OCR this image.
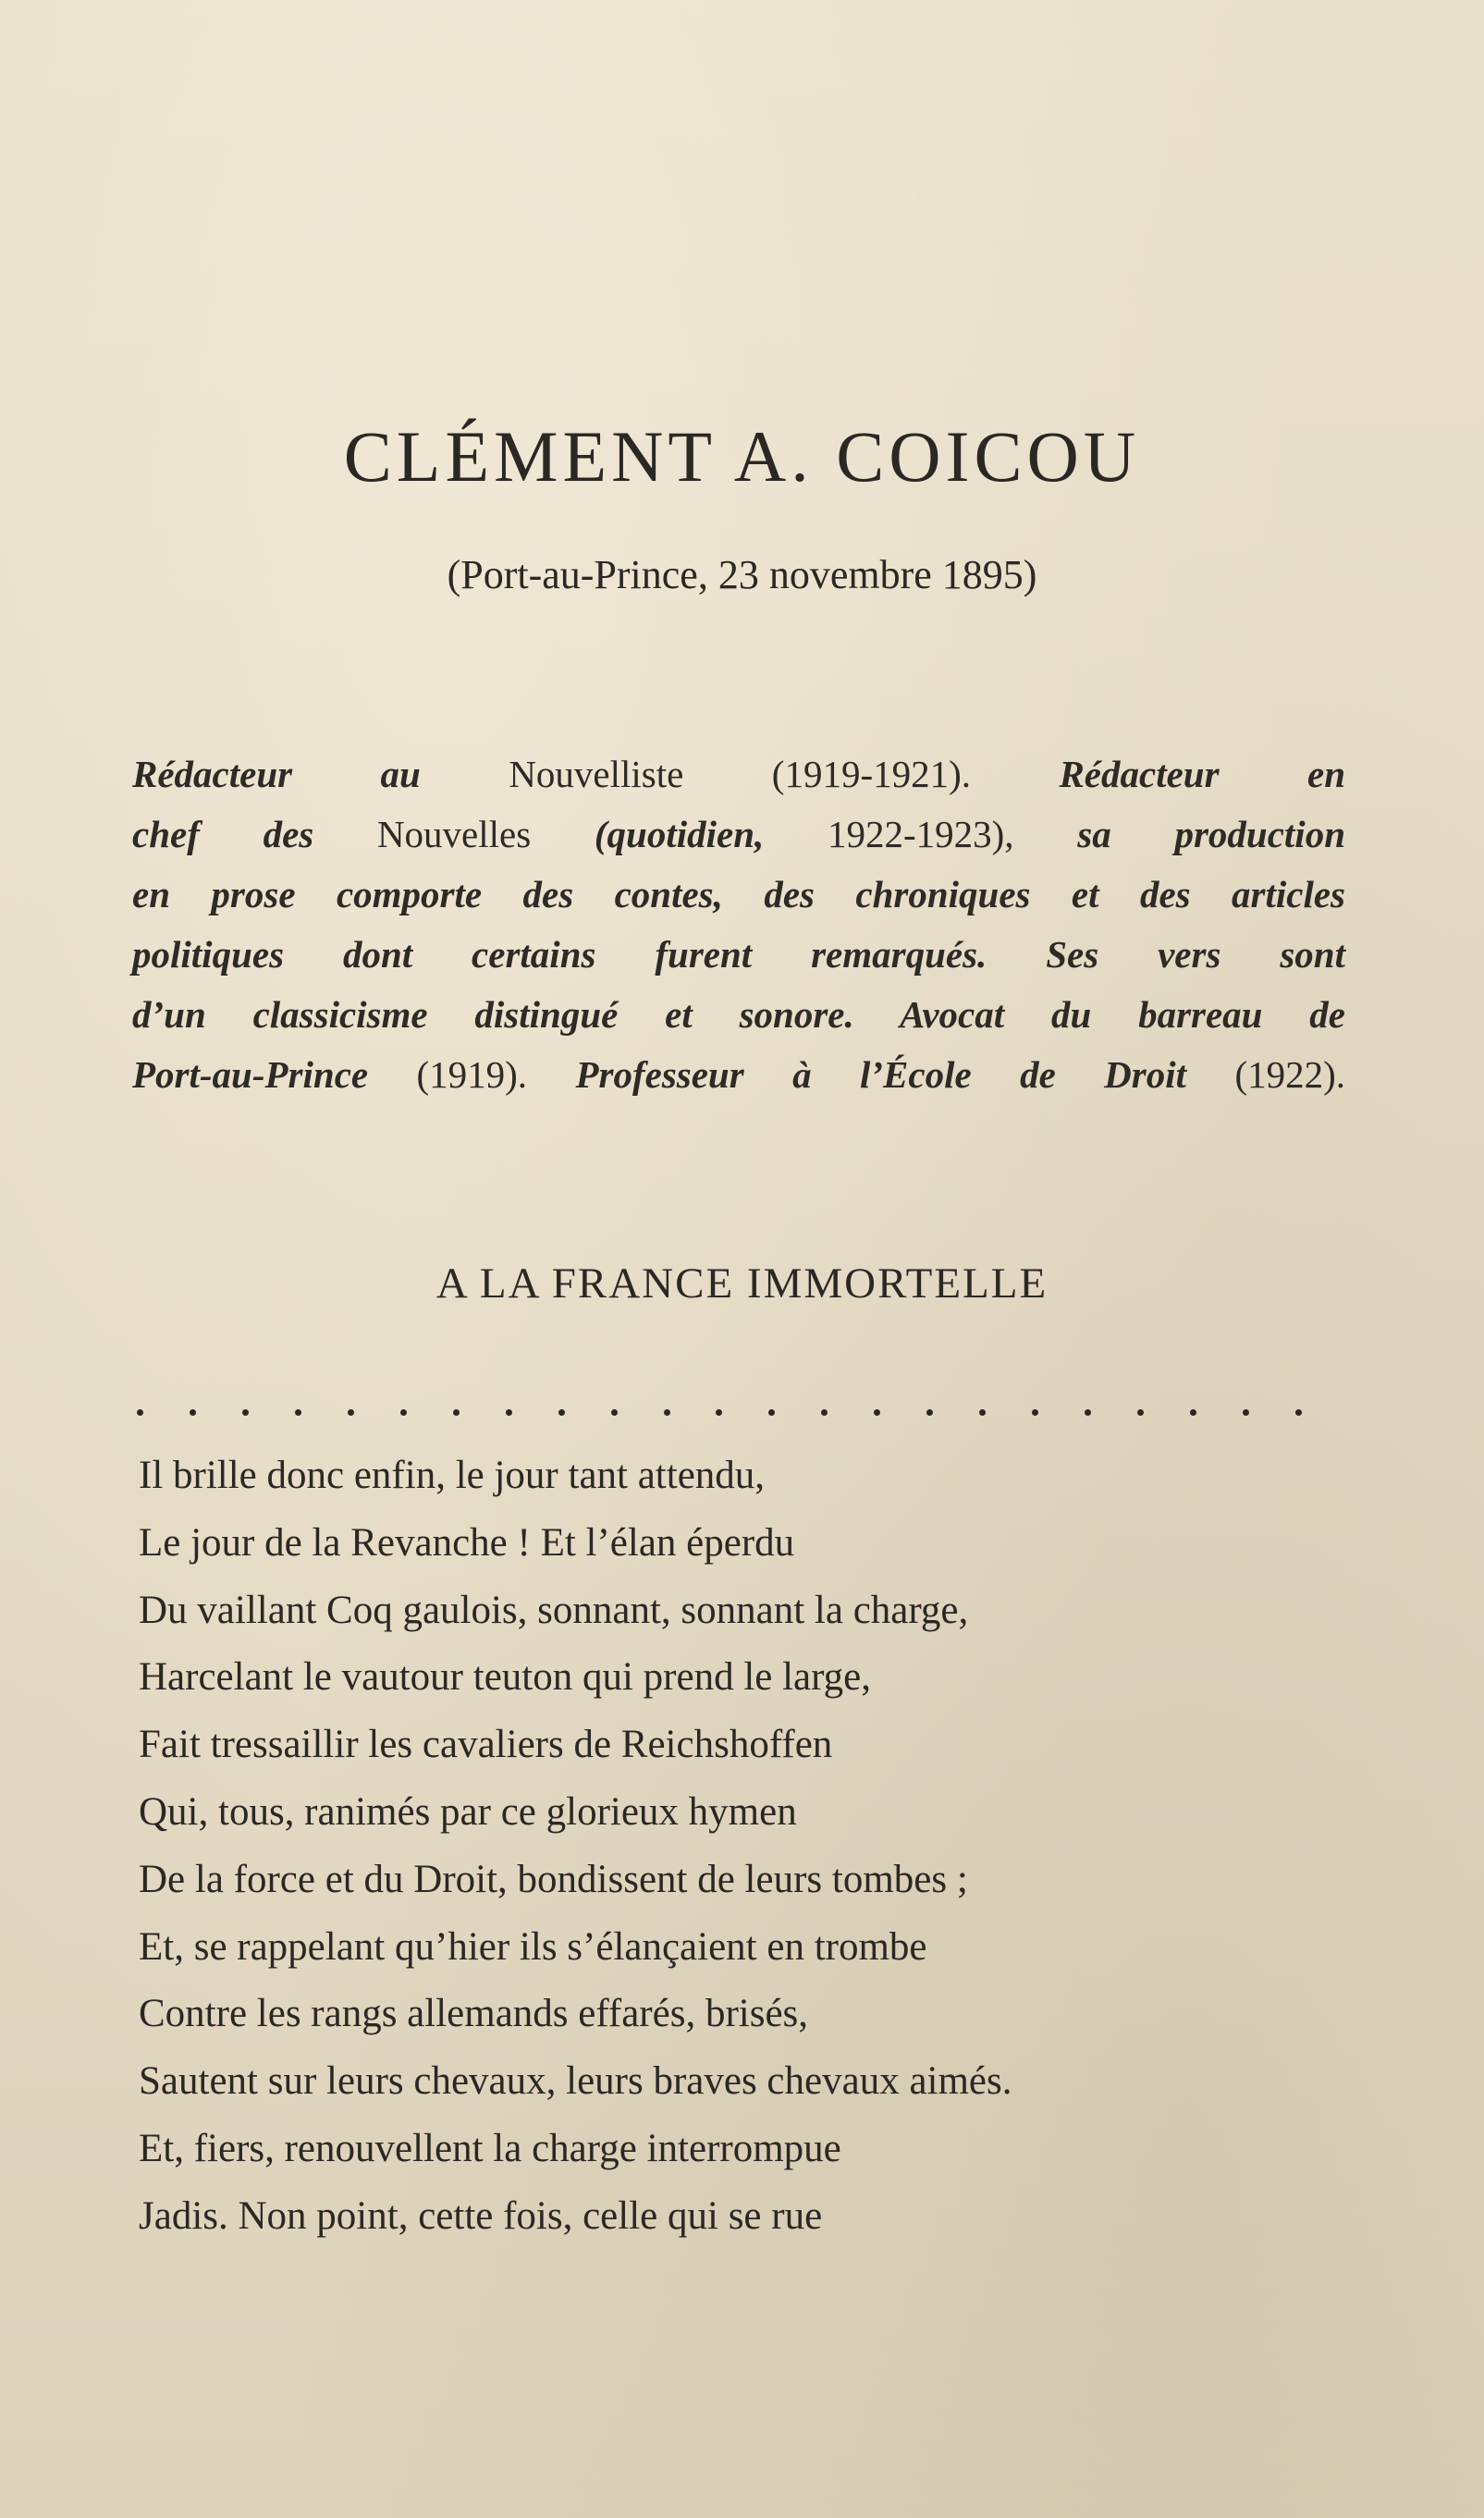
CLÉMENT A. COICOU
(Port-au-Prince, 23 novembre 1895)
Rédacteur au Nouvelliste (1919-1921). Rédacteur en
chef des Nouvelles (quotidien, 1922-1923), sa production
en prose comporte des contes, des chroniques et des articles
politiques dont certains furent remarqués. Ses vers sont
d’un classicisme distingué et sonore. Avocat du barreau de
Port-au-Prince (1919). Professeur à l’École de Droit (1922).
A LA FRANCE IMMORTELLE
Il brille donc enfin, le jour tant attendu,
Le jour de la Revanche ! Et l’élan éperdu
Du vaillant Coq gaulois, sonnant, sonnant la charge,
Harcelant le vautour teuton qui prend le large,
Fait tressaillir les cavaliers de Reichshoffen
Qui, tous, ranimés par ce glorieux hymen
De la force et du Droit, bondissent de leurs tombes ;
Et, se rappelant qu’hier ils s’élançaient en trombe
Contre les rangs allemands effarés, brisés,
Sautent sur leurs chevaux, leurs braves chevaux aimés.
Et, fiers, renouvellent la charge interrompue
Jadis. Non point, cette fois, celle qui se rue
